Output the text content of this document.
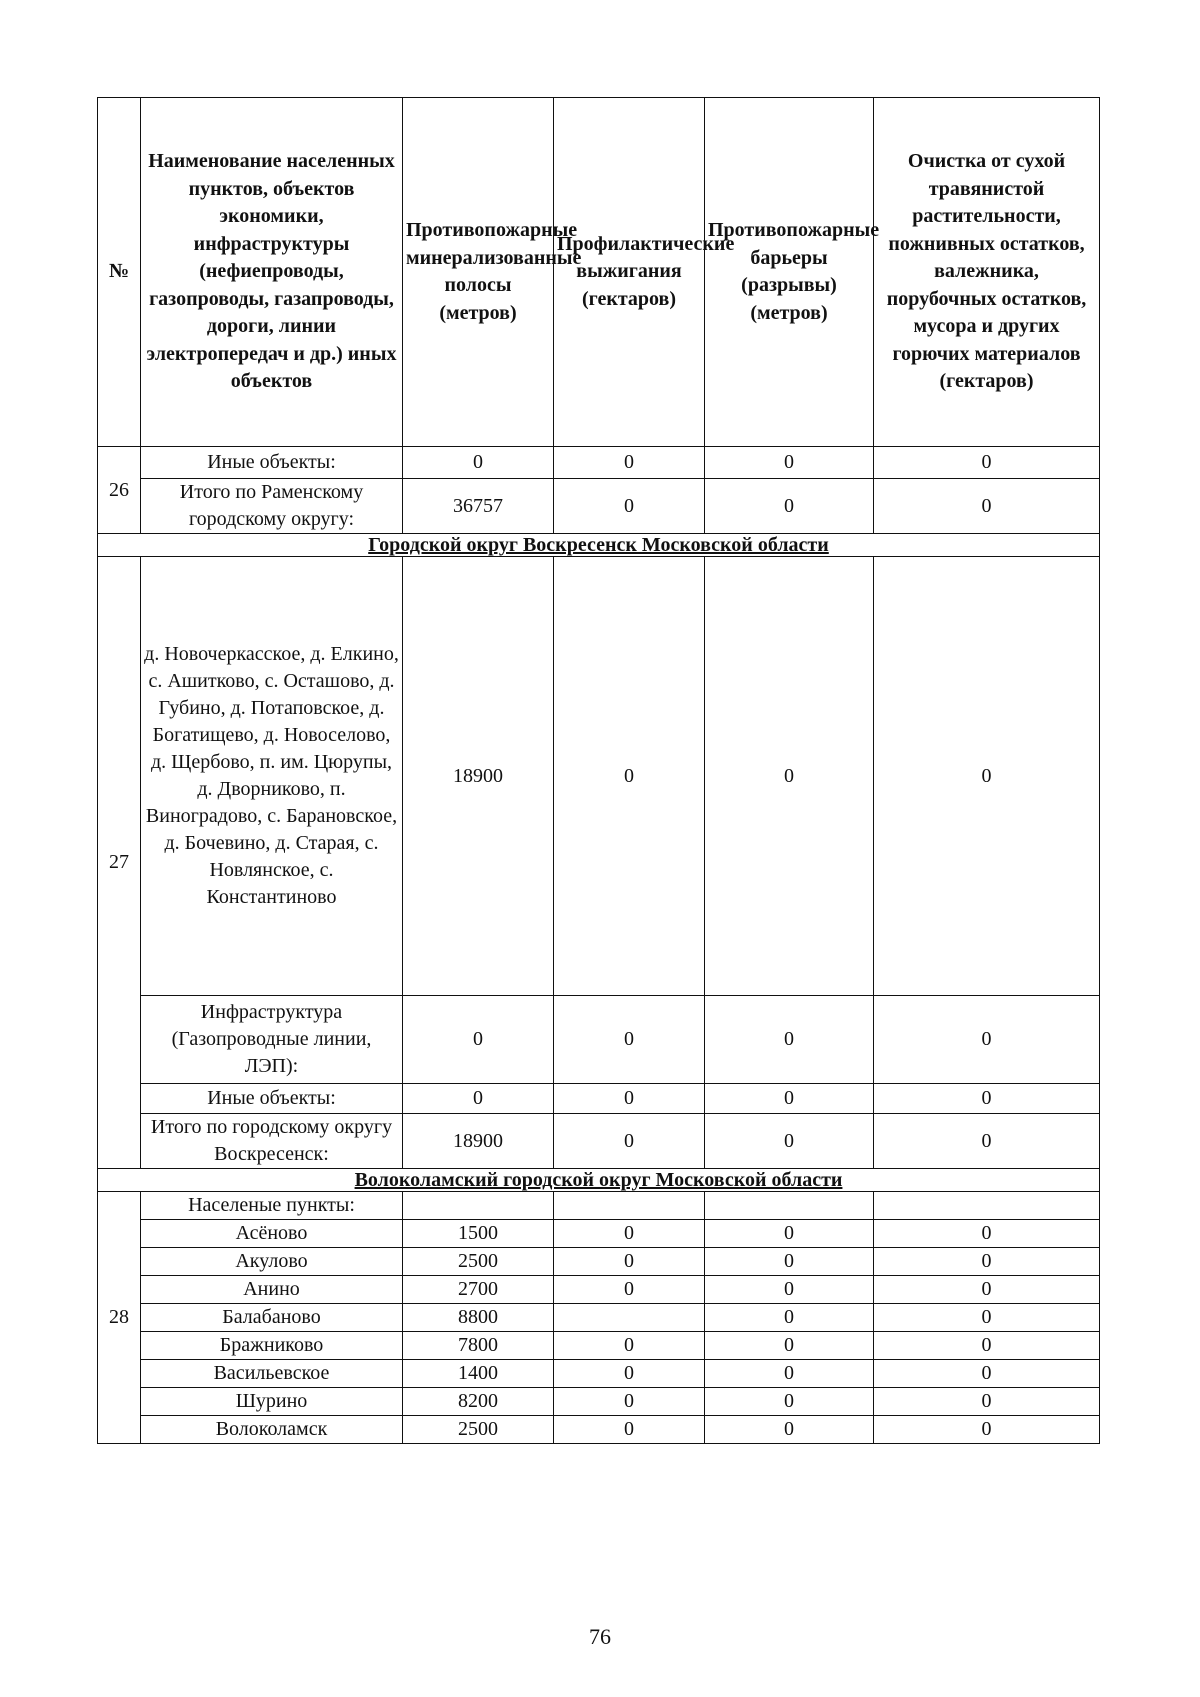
№	Наименование населенных пунктов, объектов экономики, инфраструктуры (нефиепроводы, газопроводы, газапроводы, дороги, линии электропередач и др.) иных объектов	Противопожарные минерализованные полосы (метров)	Профилактические выжигания (гектаров)	Противопожарные барьеры (разрывы) (метров)	Очистка от сухой травянистой растительности, пожнивных остатков, валежника, порубочных остатков, мусора и других горючих материалов (гектаров)
26	Иные объекты:	0	0	0	0
	Итого по Раменскому городскому округу:	36757	0	0	0
Городской округ Воскресенск Московской области					
27	д. Новочеркасское, д. Елкино, с. Ашитково, с. Осташово, д. Губино, д. Потаповское, д. Богатищево, д. Новоселово, д. Щербово, п. им. Цюрупы, д. Дворниково, п. Виноградово, с. Барановское, д. Бочевино, д. Старая, с. Новлянское, с. Константиново	18900	0	0	0
	Инфраструктура (Газопроводные линии, ЛЭП):	0	0	0	0
	Иные объекты:	0	0	0	0
	Итого по городскому округу Воскресенск:	18900	0	0	0
Волоколамский городской округ Московской области					
28	Населеные пункты:				
	Асёново	1500	0	0	0
	Акулово	2500	0	0	0
	Анино	2700	0	0	0
	Балабаново	8800		0	0
	Бражниково	7800	0	0	0
	Васильевское	1400	0	0	0
	Шурино	8200	0	0	0
	Волоколамск	2500	0	0	0
76
